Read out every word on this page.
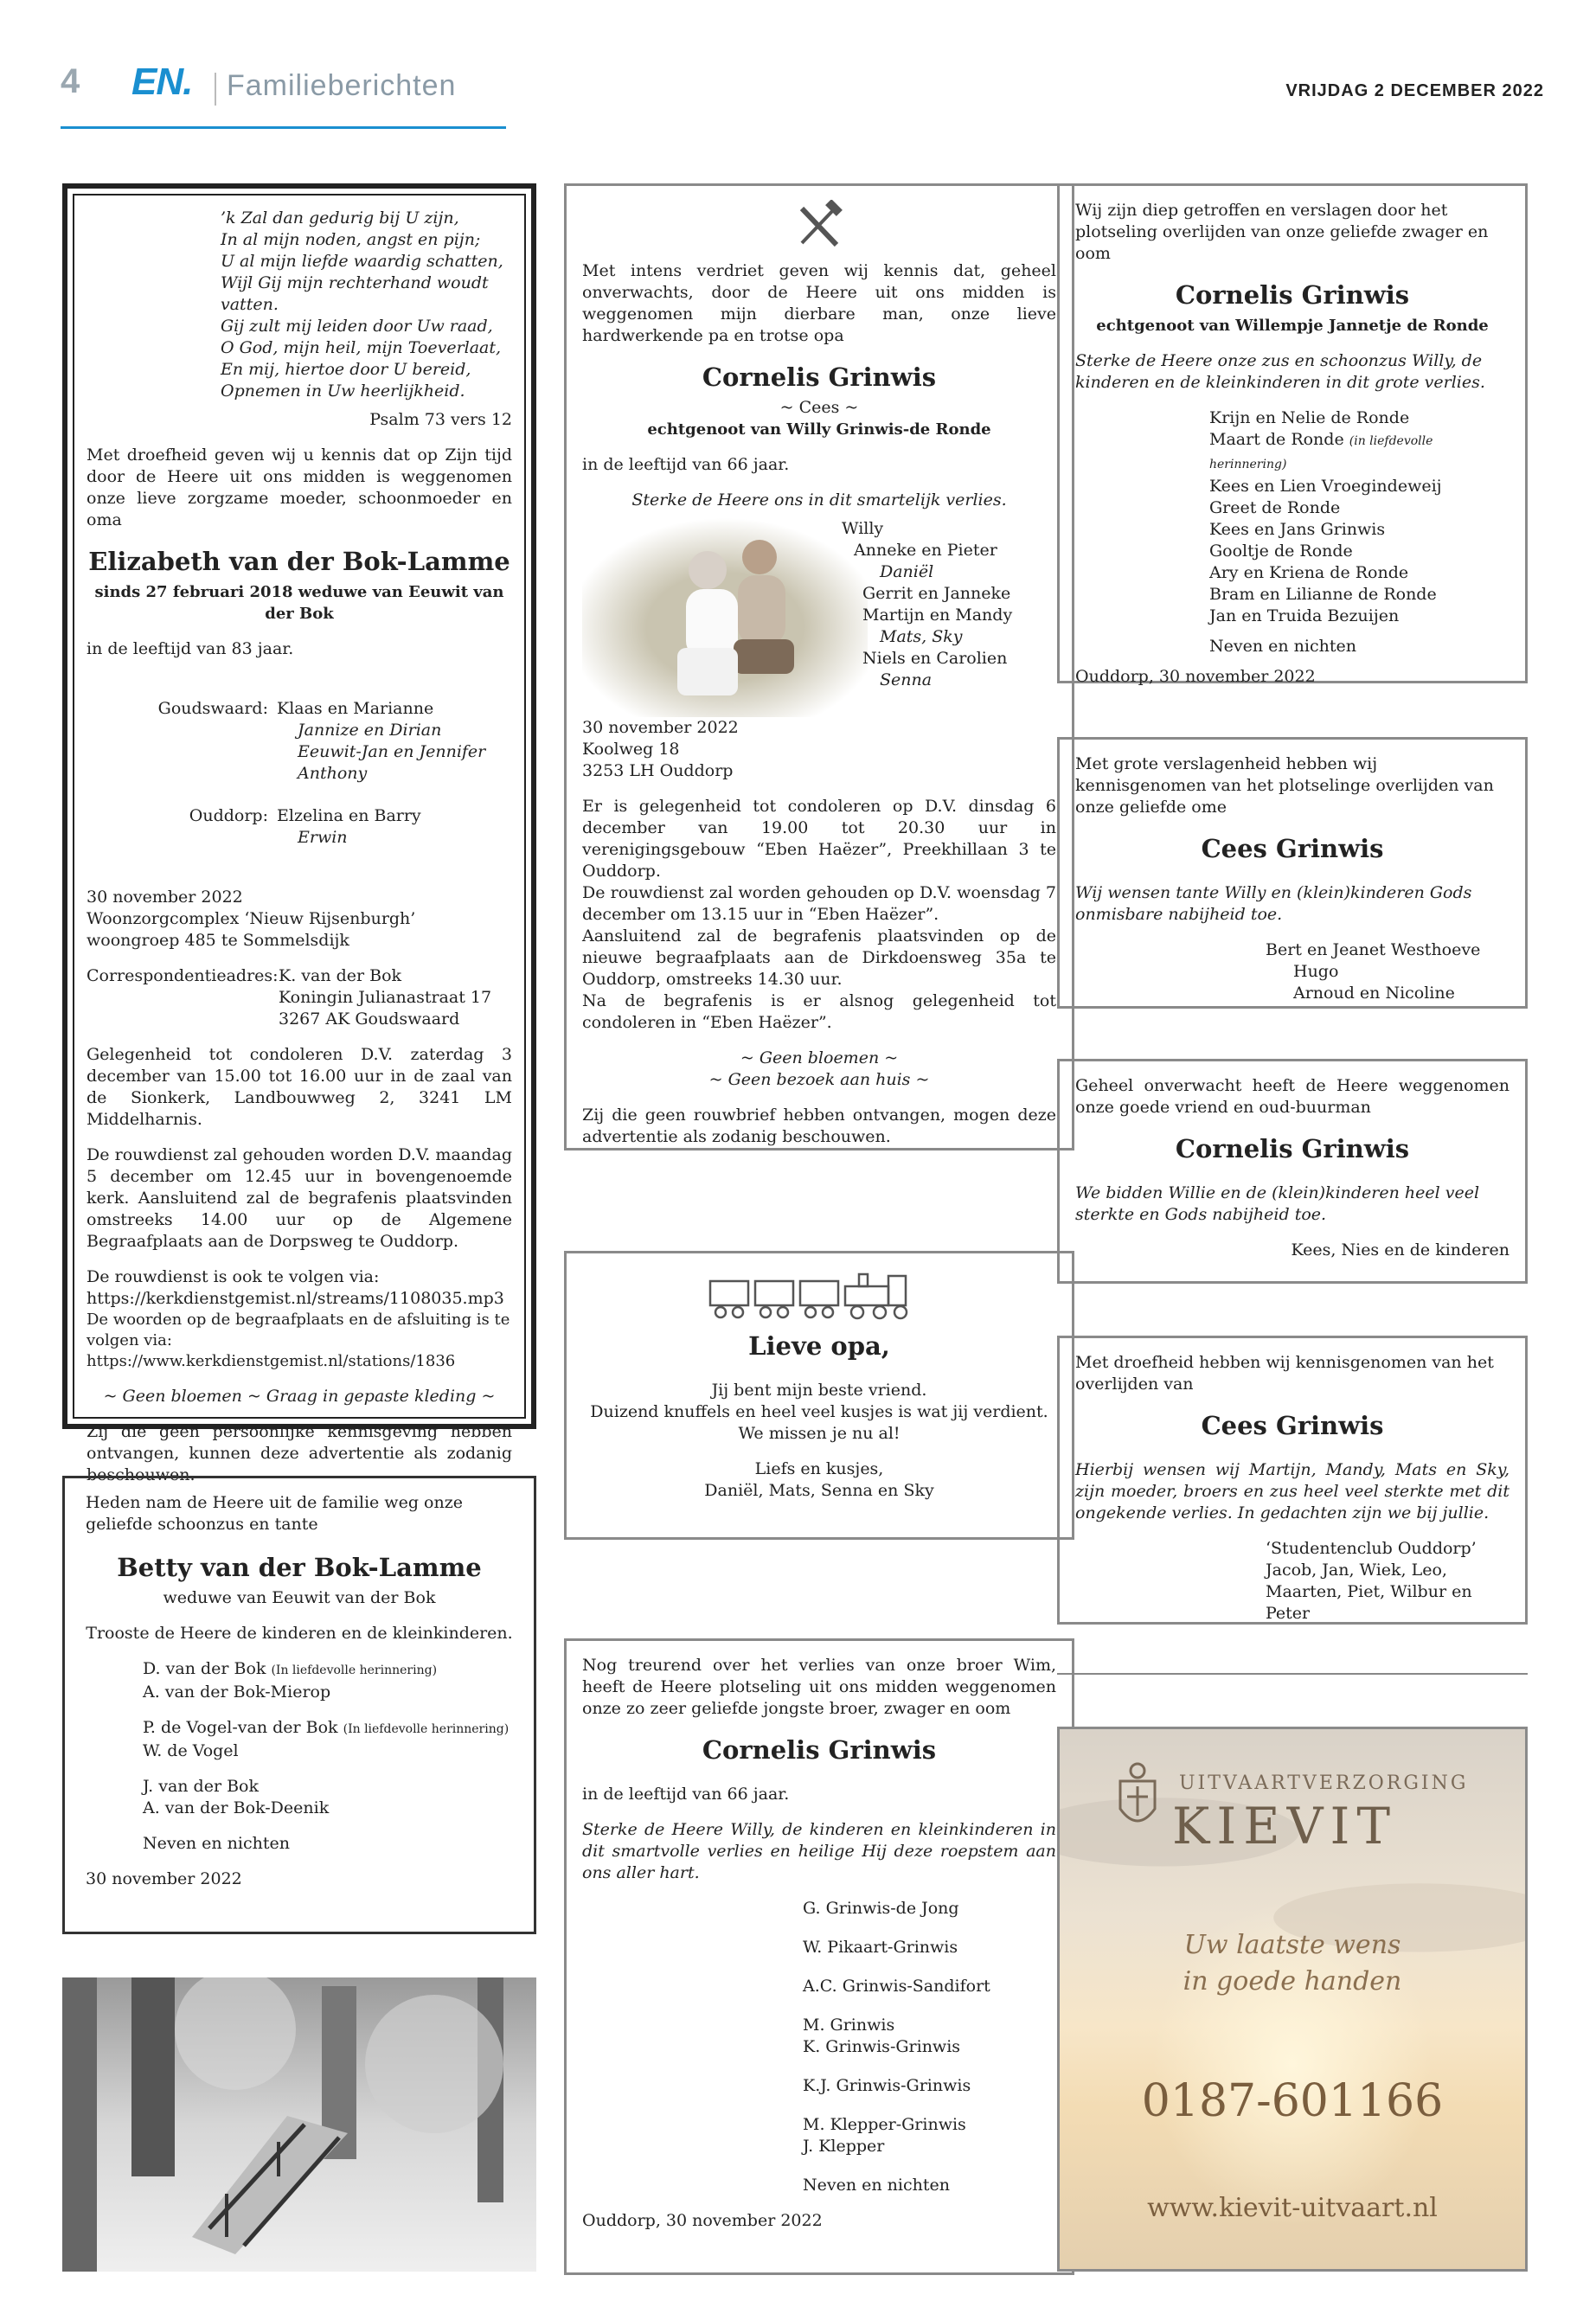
4 EN. Familieberichten	VRIJDAG 2 DECEMBER 2022

’k Zal dan gedurig bij U zijn,

In al mijn noden, angst en pijn;

U al mijn liefde waardig schatten,

Wijl Gij mijn rechterhand woudt vatten.

Gij zult mij leiden door Uw raad,

O God, mijn heil, mijn Toeverlaat,

En mij, hiertoe door U bereid,

Opnemen in Uw heerlijkheid.

Psalm 73 vers 12

Met droefheid geven wij u kennis dat op Zijn tijd door de Heere uit ons midden is weggenomen onze lieve zorgzame moeder, schoonmoeder en oma

Elizabeth van der Bok-Lamme
sinds 27 februari 2018 weduwe van Eeuwit van der Bok

in de leeftijd van 83 jaar.

Goudswaard: Klaas en Marianne

Jannize en Dirian

Eeuwit-Jan en Jennifer

Anthony

Ouddorp: Elzelina en Barry

Erwin

30 november 2022

Woonzorgcomplex ‘Nieuw Rijsenburgh’

woongroep 485 te Sommelsdijk

Correspondentieadres: K. van der Bok

Koningin Julianastraat 17

3267 AK Goudswaard

Gelegenheid tot condoleren D.V. zaterdag 3 december van 15.00 tot 16.00 uur in de zaal van de Sionkerk, Landbouwweg 2, 3241 LM Middelharnis.

De rouwdienst zal gehouden worden D.V. maandag 5 december om 12.45 uur in bovengenoemde kerk. Aansluitend zal de begrafenis plaatsvinden omstreeks 14.00 uur op de Algemene Begraafplaats aan de Dorpsweg te Ouddorp.

De rouwdienst is ook te volgen via:

https://kerkdienstgemist.nl/streams/1108035.mp3

De woorden op de begraafplaats en de afsluiting is te volgen via: https://www.kerkdienstgemist.nl/stations/1836

~ Geen bloemen ~ Graag in gepaste kleding ~

Zij die geen persoonlijke kennisgeving hebben ontvangen, kunnen deze advertentie als zodanig beschouwen.

Heden nam de Heere uit de familie weg onze geliefde schoonzus en tante

Betty van der Bok-Lamme

weduwe van Eeuwit van der Bok

Trooste de Heere de kinderen en de kleinkinderen.

D. van der Bok (In liefdevolle herinnering)

A. van der Bok-Mierop

P. de Vogel-van der Bok (In liefdevolle herinnering)

W. de Vogel

J. van der Bok

A. van der Bok-Deenik

Neven en nichten

30 november 2022

Met intens verdriet geven wij kennis dat, geheel onverwachts, door de Heere uit ons midden is weggenomen mijn dierbare man, onze lieve hardwerkende pa en trotse opa

Cornelis Grinwis

~ Cees ~

echtgenoot van Willy Grinwis-de Ronde

in de leeftijd van 66 jaar.

Sterke de Heere ons in dit smartelijk verlies.

Willy

Anneke en Pieter

Daniël

Gerrit en Janneke

Martijn en Mandy

Mats, Sky

Niels en Carolien

Senna

30 november 2022

Koolweg 18

3253 LH Ouddorp

Er is gelegenheid tot condoleren op D.V. dinsdag 6 december van 19.00 tot 20.30 uur in verenigingsgebouw “Eben Haëzer”, Preekhillaan 3 te Ouddorp.

De rouwdienst zal worden gehouden op D.V. woensdag 7 december om 13.15 uur in “Eben Haëzer”.

Aansluitend zal de begrafenis plaatsvinden op de nieuwe begraafplaats aan de Dirkdoensweg 35a te Ouddorp, omstreeks 14.30 uur.

Na de begrafenis is er alsnog gelegenheid tot condoleren in “Eben Haëzer”.

~ Geen bloemen ~

~ Geen bezoek aan huis ~

Zij die geen rouwbrief hebben ontvangen, mogen deze advertentie als zodanig beschouwen.

Lieve opa,

Jij bent mijn beste vriend.

Duizend knuffels en heel veel kusjes is wat jij verdient.

We missen je nu al!

Liefs en kusjes,

Daniël, Mats, Senna en Sky

Nog treurend over het verlies van onze broer Wim, heeft de Heere plotseling uit ons midden weggenomen onze zo zeer geliefde jongste broer, zwager en oom

Cornelis Grinwis

in de leeftijd van 66 jaar.

Sterke de Heere Willy, de kinderen en kleinkinderen in dit smartvolle verlies en heilige Hij deze roepstem aan ons aller hart.

G. Grinwis-de Jong

W. Pikaart-Grinwis

A.C. Grinwis-Sandifort

M. Grinwis

K. Grinwis-Grinwis

K.J. Grinwis-Grinwis

M. Klepper-Grinwis

J. Klepper

Neven en nichten

Ouddorp, 30 november 2022

Wij zijn diep getroffen en verslagen door het plotseling overlijden van onze geliefde zwager en oom

Cornelis Grinwis
echtgenoot van Willempje Jannetje de Ronde

Sterke de Heere onze zus en schoonzus Willy, de kinderen en de kleinkinderen in dit grote verlies.

Krijn en Nelie de Ronde

Maart de Ronde (in liefdevolle herinnering)

Kees en Lien Vroegindeweij

Greet de Ronde

Kees en Jans Grinwis

Gooltje de Ronde

Ary en Kriena de Ronde

Bram en Lilianne de Ronde

Jan en Truida Bezuijen

Neven en nichten

Ouddorp, 30 november 2022

Met grote verslagenheid hebben wij kennisgenomen van het plotselinge overlijden van onze geliefde ome

Cees Grinwis

Wij wensen tante Willy en (klein)kinderen Gods onmisbare nabijheid toe.

Bert en Jeanet Westhoeve

Hugo

Arnoud en Nicoline

Geheel onverwacht heeft de Heere weggenomen onze goede vriend en oud-buurman

Cornelis Grinwis

We bidden Willie en de (klein)kinderen heel veel sterkte en Gods nabijheid toe.

Kees, Nies en de kinderen

Met droefheid hebben wij kennisgenomen van het overlijden van

Cees Grinwis

Hierbij wensen wij Martijn, Mandy, Mats en Sky, zijn moeder, broers en zus heel veel sterkte met dit ongekende verlies. In gedachten zijn we bij jullie.

‘Studentenclub Ouddorp’

Jacob, Jan, Wiek, Leo,

Maarten, Piet, Wilbur en Peter

UITVAARTVERZORGING
KIEVIT
Uw laatste wens
in goede handen
0187-601166
www.kievit-uitvaart.nl
